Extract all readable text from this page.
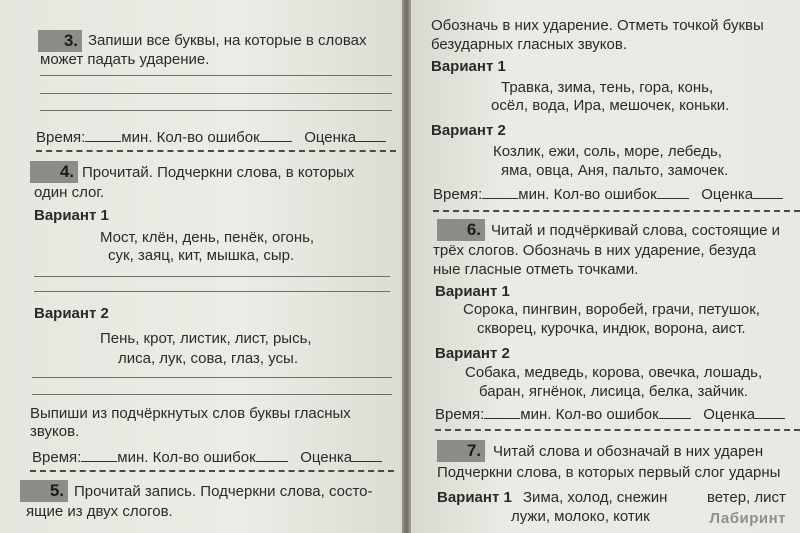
3. Запиши все буквы, на которые в словах
может падать ударение.
Время: мин. Кол-во ошибок	Оценка
4. Прочитай. Подчеркни слова, в которых
один слог.
Вариант 1
Мост, клён, день, пенёк, огонь,
сук, заяц, кит, мышка, сыр.
Вариант 2
Пень, крот, листик, лист, рысь,
лиса, лук, сова, глаз, усы.
Выпиши из подчёркнутых слов буквы гласных
звуков.
Время: мин. Кол-во ошибок	Оценка
5. Прочитай запись. Подчеркни слова, состо-
ящие из двух слогов.
Обозначь в них ударение. Отметь точкой буквы
безударных гласных звуков.
Вариант 1
Травка, зима, тень, гора, конь,
осёл, вода, Ира, мешочек, коньки.
Вариант 2
Козлик, ежи, соль, море, лебедь,
яма, овца, Аня, пальто, замочек.
Время: мин. Кол-во ошибок	Оценка
6. Читай и подчёркивай слова, состоящие и
трёх слогов. Обозначь в них ударение, безуда
ные гласные отметь точками.
Вариант 1
Сорока, пингвин, воробей, грачи, петушок,
скворец, курочка, индюк, ворона, аист.
Вариант 2
Собака, медведь, корова, овечка, лошадь,
баран, ягнёнок, лисица, белка, зайчик.
Время: мин. Кол-во ошибок	Оценка
7. Читай слова и обозначай в них ударен
Подчеркни слова, в которых первый слог ударны
Вариант 1 Зима, холод, снежин	ветер, лист
лужи, молоко, котик	Лабиринт
